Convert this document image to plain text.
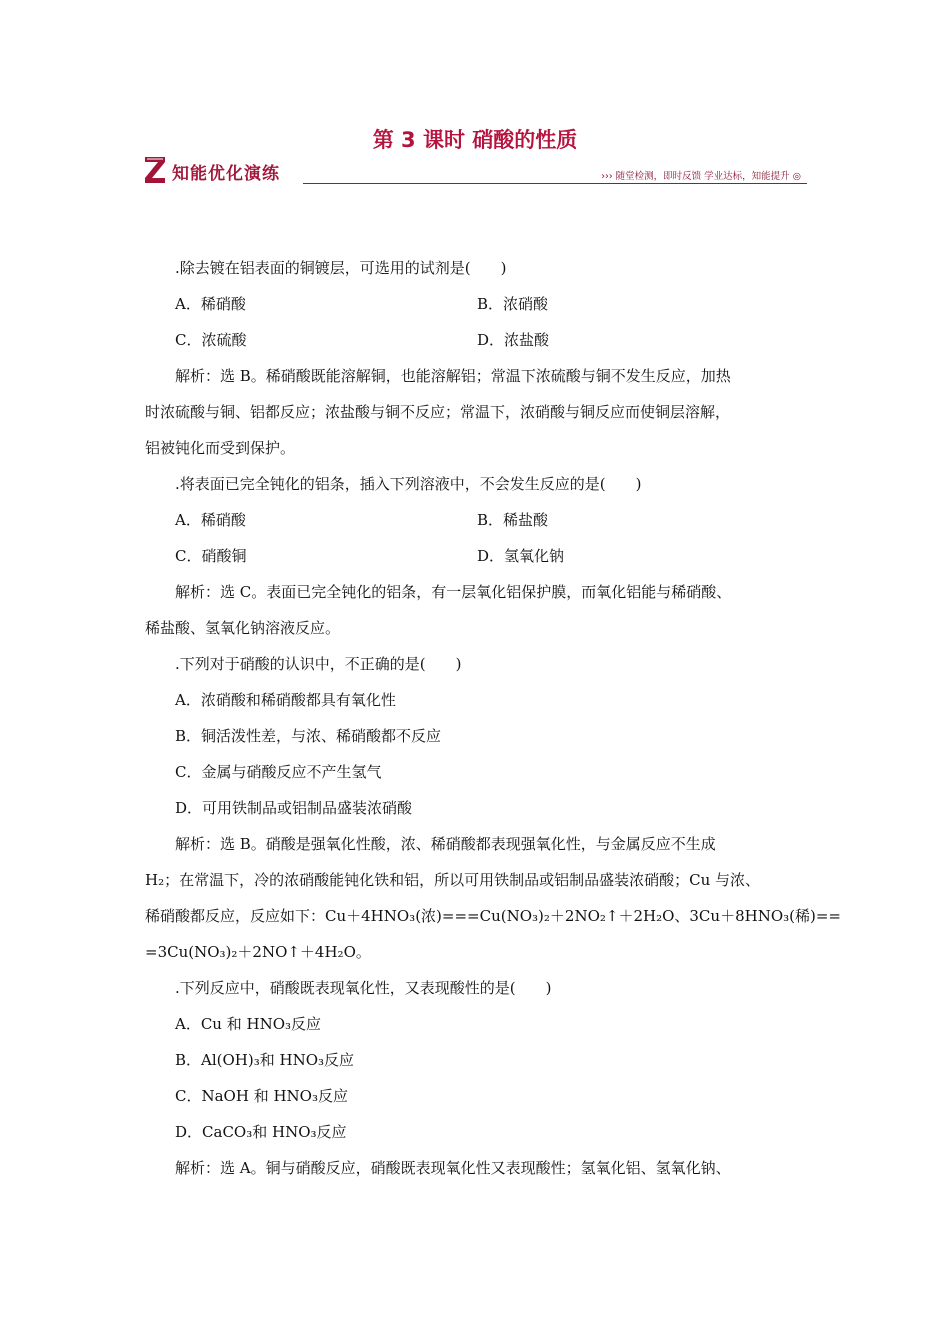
第 3 课时 硝酸的性质
知能优化演练	››› 随堂检测，即时反馈 学业达标，知能提升 ◎
.除去镀在铝表面的铜镀层，可选用的试剂是(　　)
A．稀硝酸	B．浓硝酸
C．浓硫酸	D．浓盐酸
解析：选 B。稀硝酸既能溶解铜，也能溶解铝；常温下浓硫酸与铜不发生反应，加热
时浓硫酸与铜、铝都反应；浓盐酸与铜不反应；常温下，浓硝酸与铜反应而使铜层溶解，
铝被钝化而受到保护。
.将表面已完全钝化的铝条，插入下列溶液中，不会发生反应的是(　　)
A．稀硝酸	B．稀盐酸
C．硝酸铜	D．氢氧化钠
解析：选 C。表面已完全钝化的铝条，有一层氧化铝保护膜，而氧化铝能与稀硝酸、
稀盐酸、氢氧化钠溶液反应。
.下列对于硝酸的认识中，不正确的是(　　)
A．浓硝酸和稀硝酸都具有氧化性
B．铜活泼性差，与浓、稀硝酸都不反应
C．金属与硝酸反应不产生氢气
D．可用铁制品或铝制品盛装浓硝酸
解析：选 B。硝酸是强氧化性酸，浓、稀硝酸都表现强氧化性，与金属反应不生成
H₂；在常温下，冷的浓硝酸能钝化铁和铝，所以可用铁制品或铝制品盛装浓硝酸；Cu 与浓、
稀硝酸都反应，反应如下：Cu＋4HNO₃(浓)===Cu(NO₃)₂＋2NO₂↑＋2H₂O、3Cu＋8HNO₃(稀)==
=3Cu(NO₃)₂＋2NO↑＋4H₂O。
.下列反应中，硝酸既表现氧化性，又表现酸性的是(　　)
A．Cu 和 HNO₃反应
B．Al(OH)₃和 HNO₃反应
C．NaOH 和 HNO₃反应
D．CaCO₃和 HNO₃反应
解析：选 A。铜与硝酸反应，硝酸既表现氧化性又表现酸性；氢氧化铝、氢氧化钠、
